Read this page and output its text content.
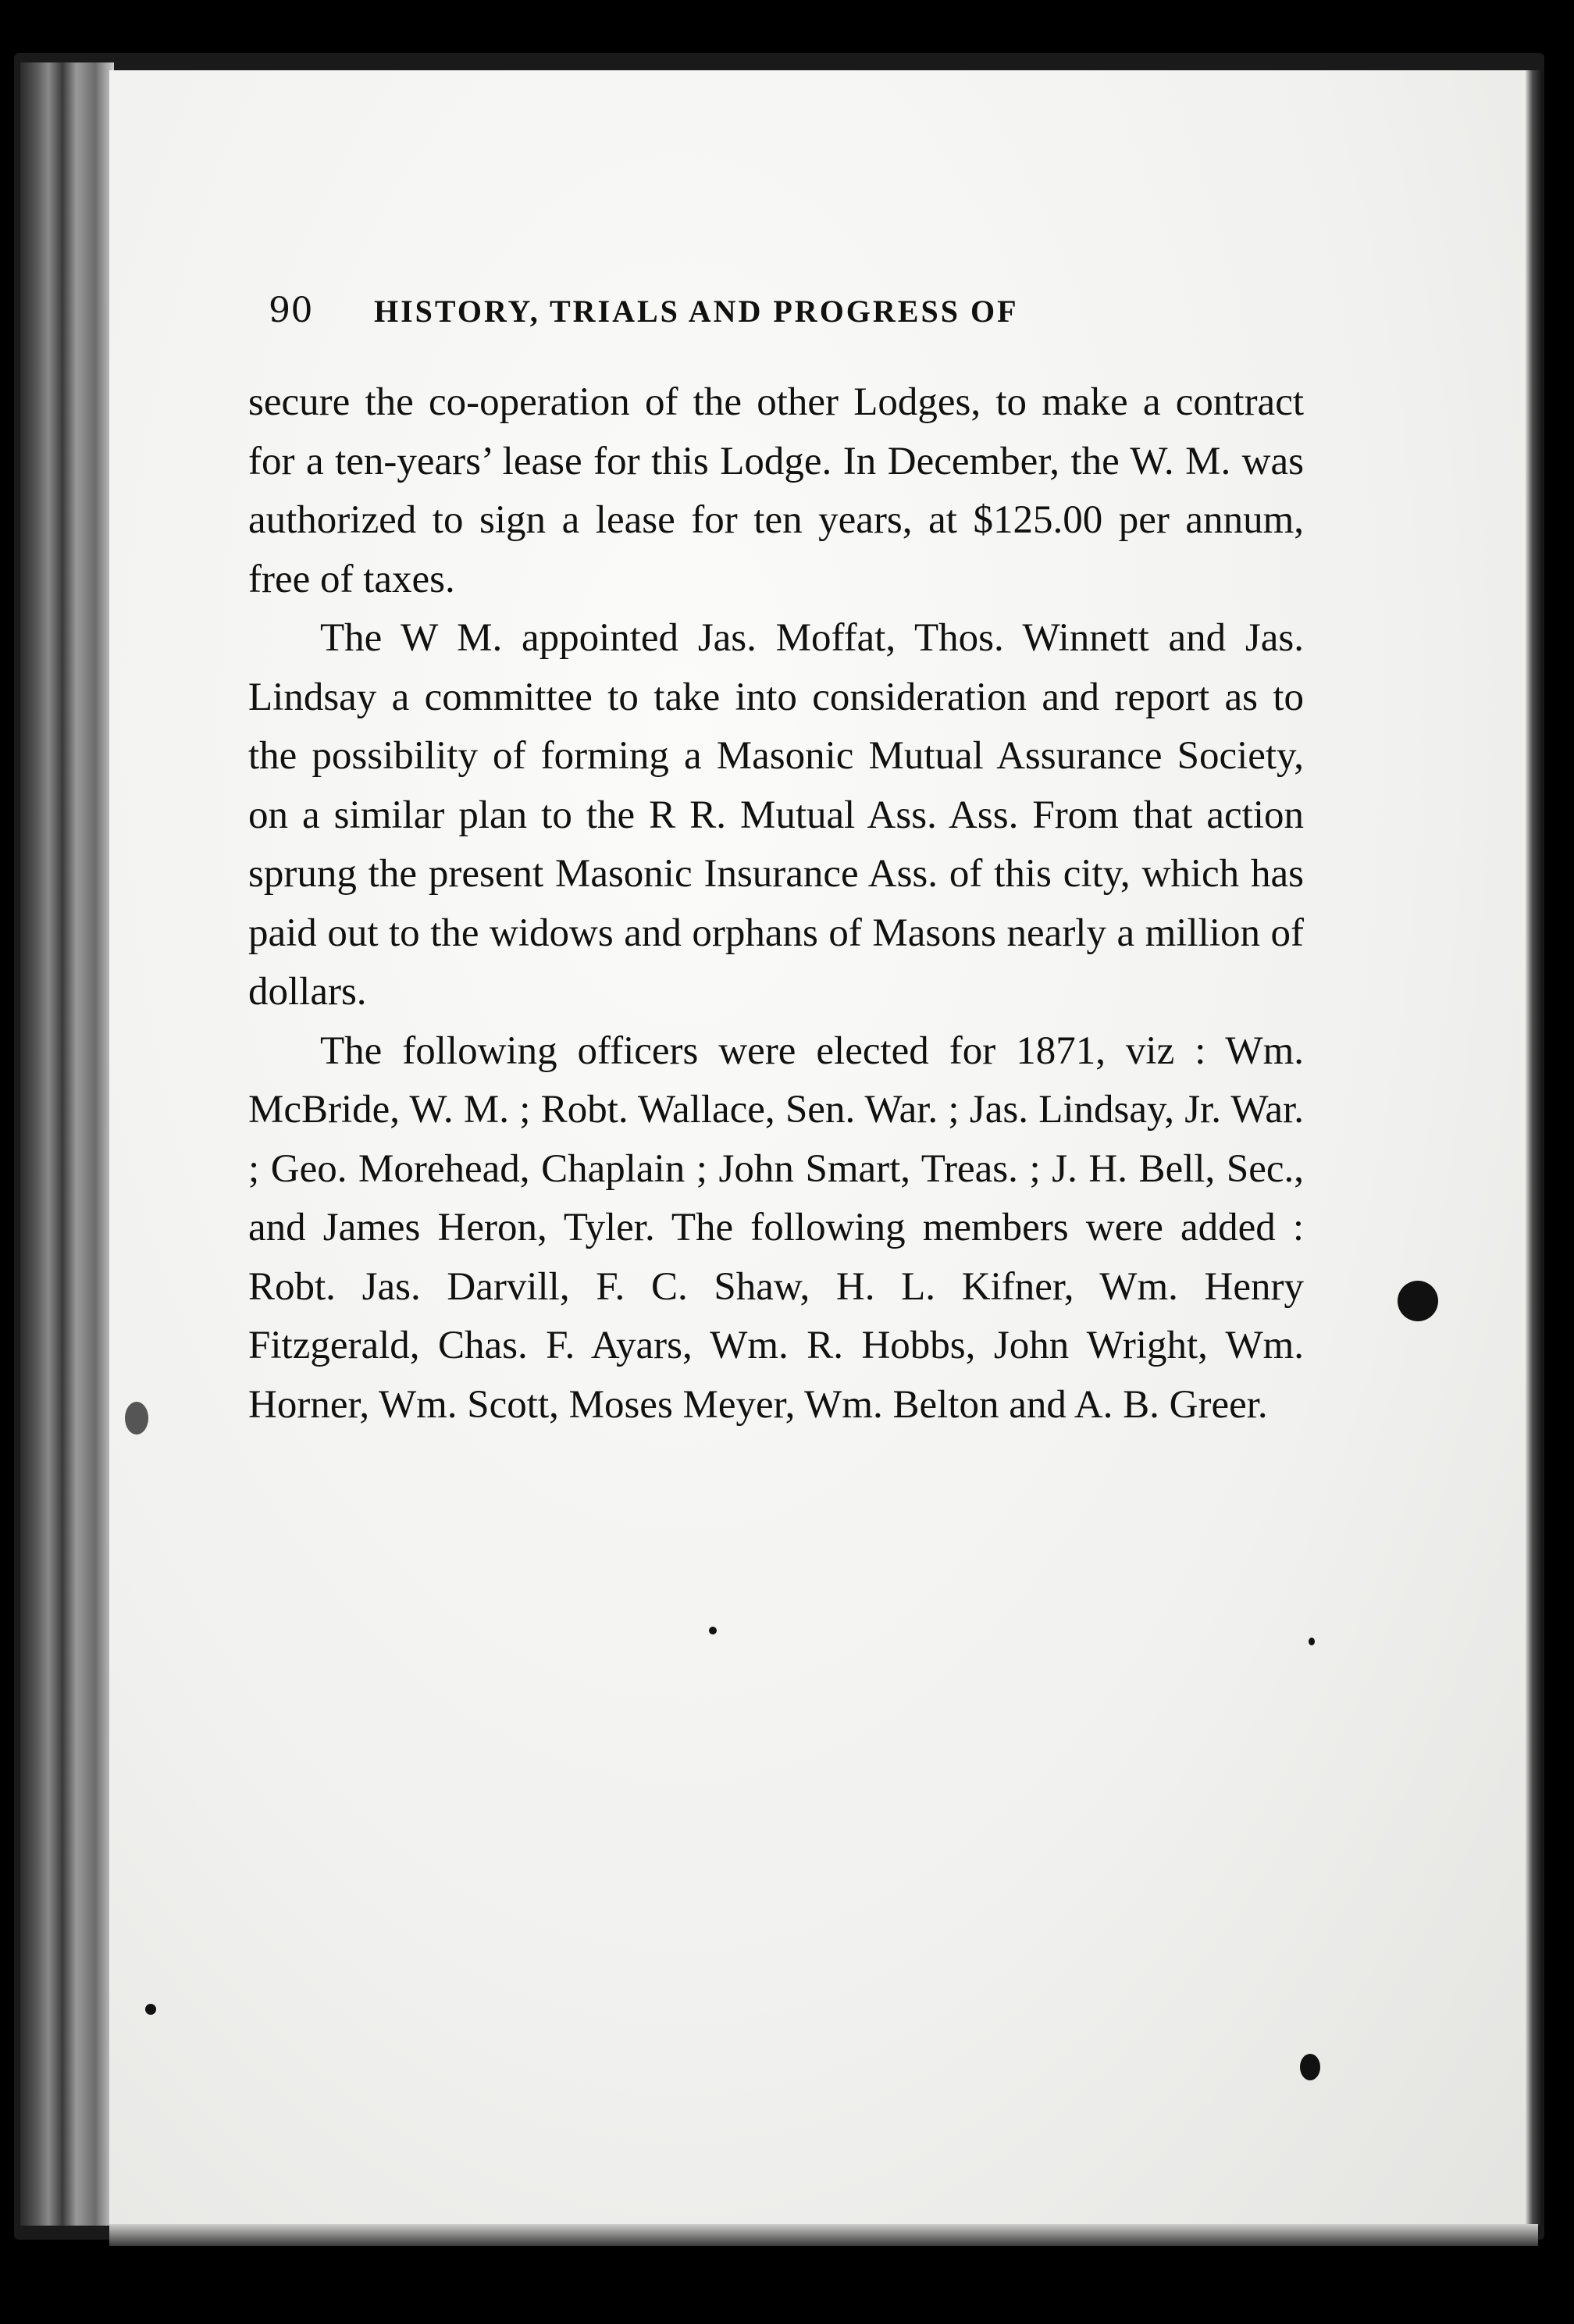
90 HISTORY, TRIALS AND PROGRESS OF

secure the co-operation of the other Lodges, to make a contract for a ten-years’ lease for this Lodge. In December, the W. M. was authorized to sign a lease for ten years, at $125.00 per annum, free of taxes.

The W M. appointed Jas. Moffat, Thos. Winnett and Jas. Lindsay a committee to take into consideration and report as to the possibility of forming a Masonic Mutual Assurance Society, on a similar plan to the R R. Mutual Ass. Ass. From that action sprung the present Masonic Insurance Ass. of this city, which has paid out to the widows and orphans of Masons nearly a million of dollars.

The following officers were elected for 1871, viz : Wm. McBride, W. M. ; Robt. Wallace, Sen. War. ; Jas. Lindsay, Jr. War. ; Geo. Morehead, Chaplain ; John Smart, Treas. ; J. H. Bell, Sec., and James Heron, Tyler. The following members were added : Robt. Jas. Darvill, F. C. Shaw, H. L. Kifner, Wm. Henry Fitzgerald, Chas. F. Ayars, Wm. R. Hobbs, John Wright, Wm. Horner, Wm. Scott, Moses Meyer, Wm. Belton and A. B. Greer.
